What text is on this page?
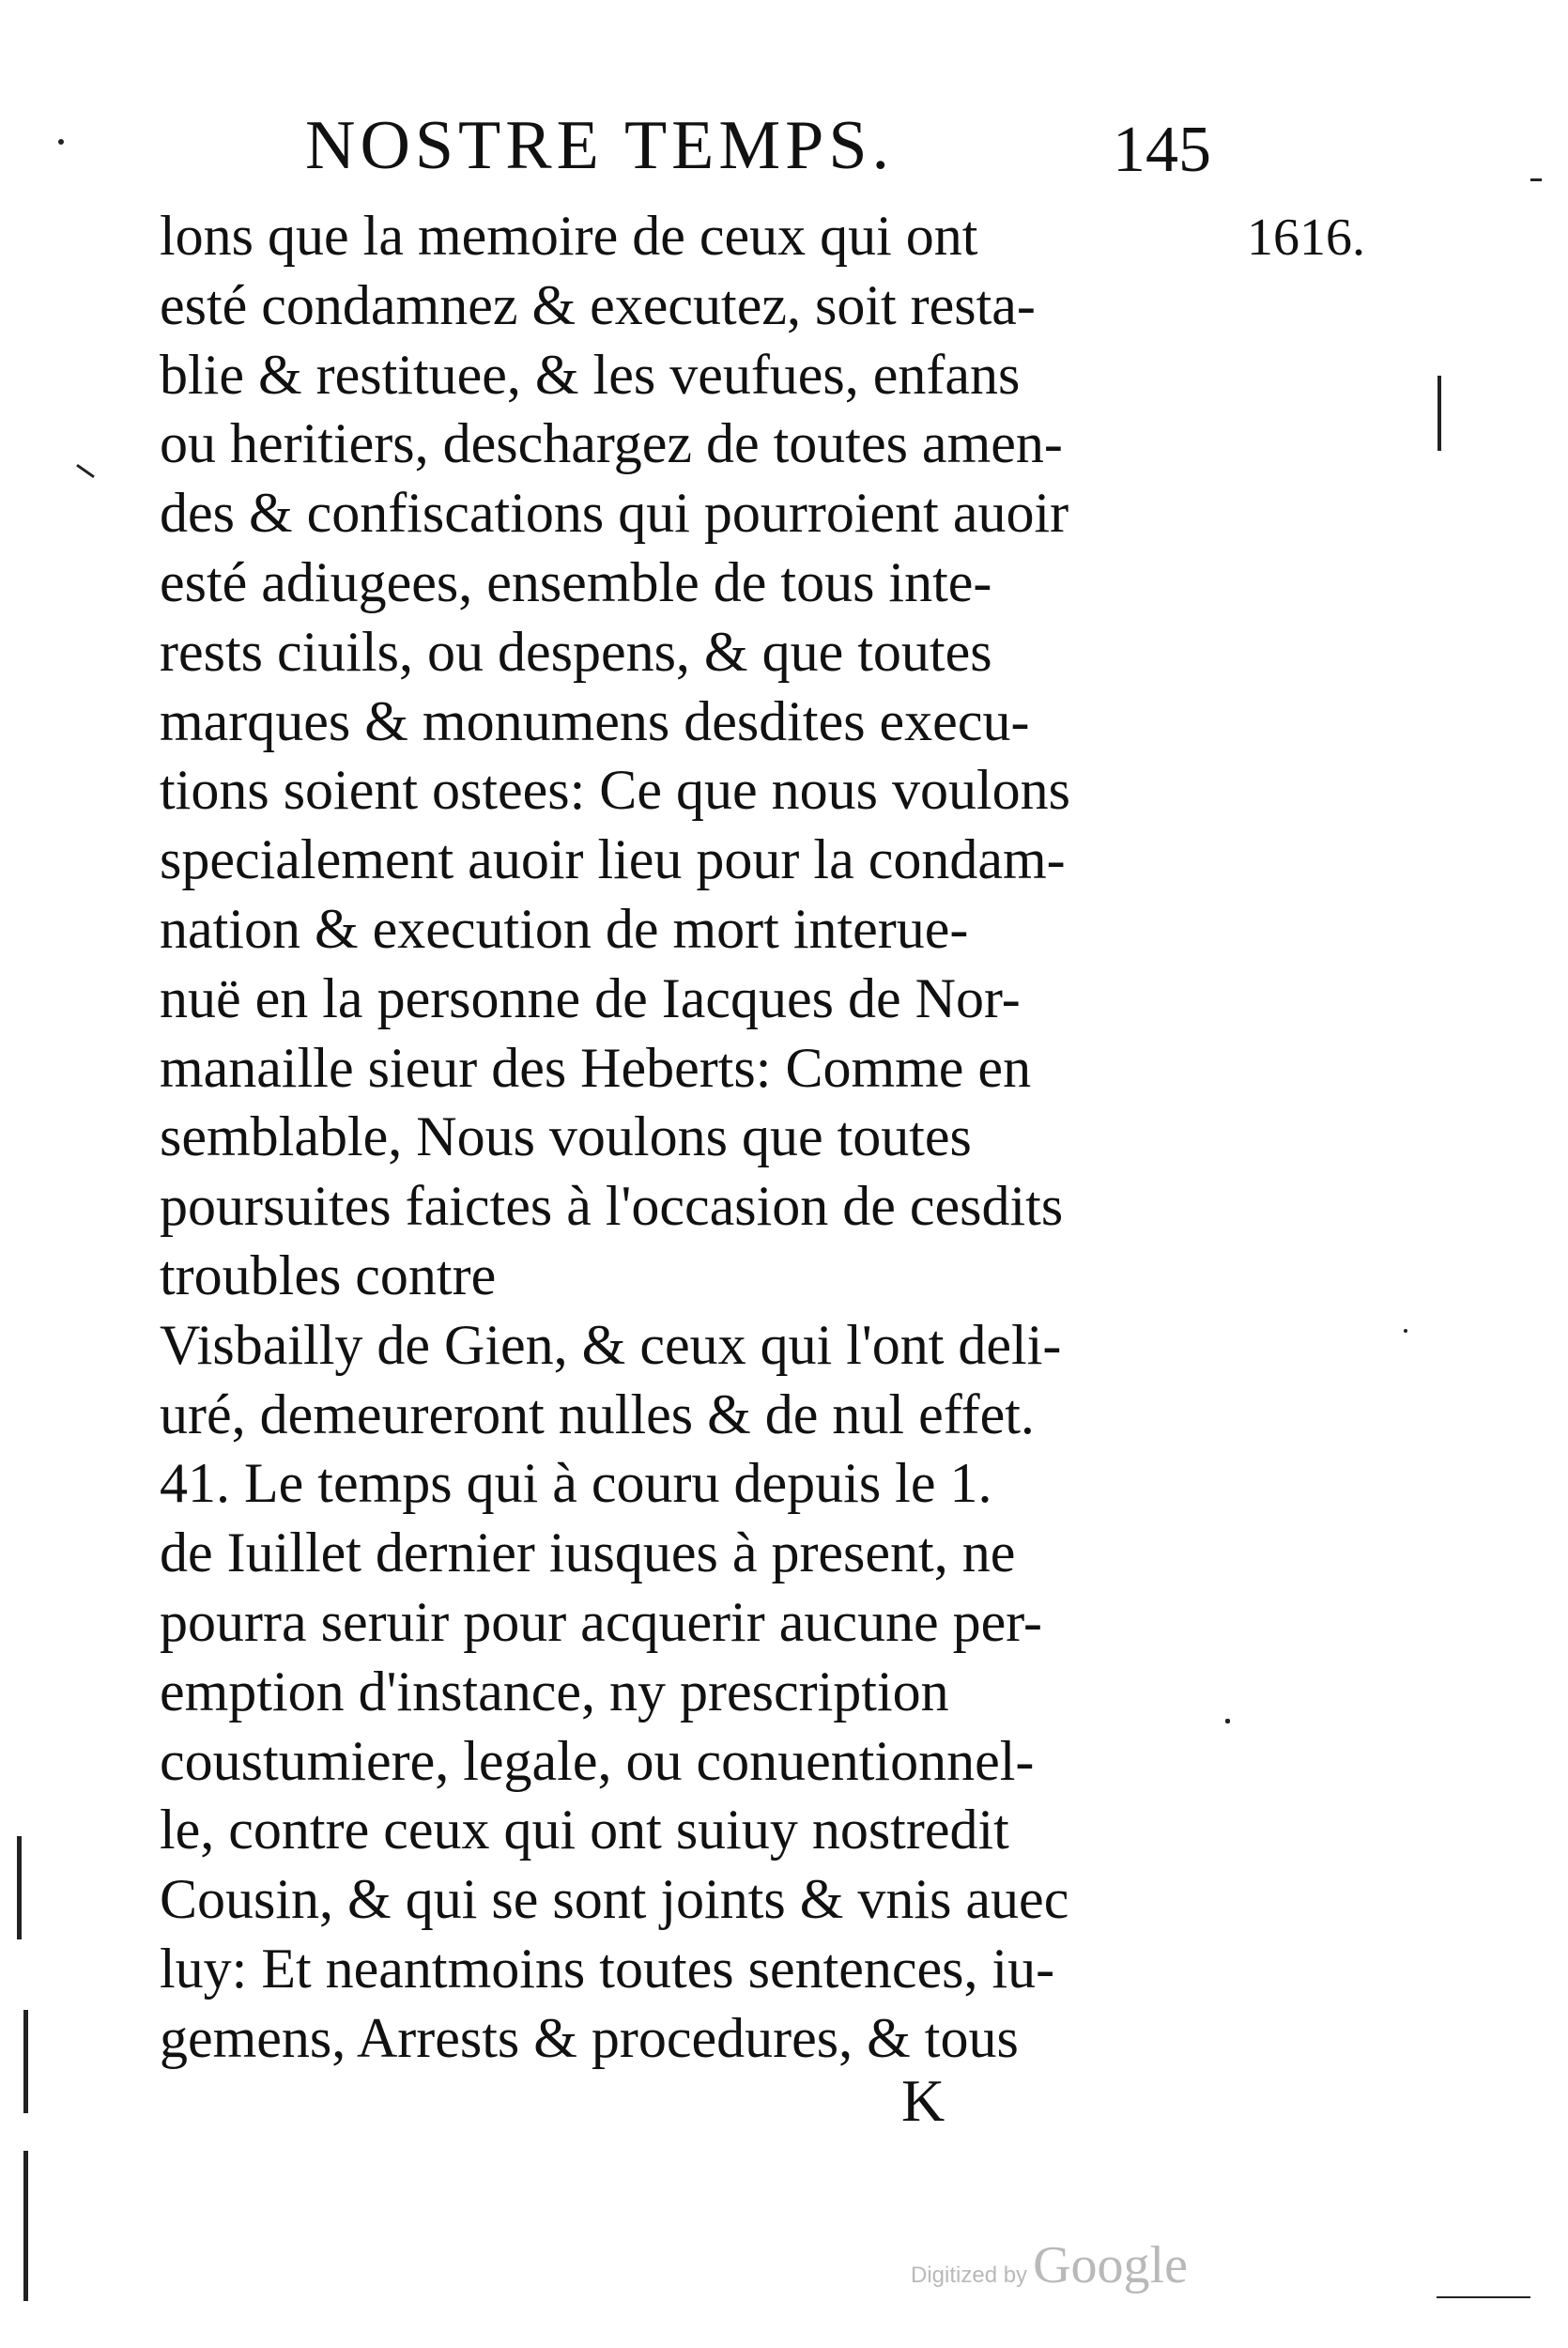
NOSTRE TEMPS.	145
1616.
lons que la memoire de ceux qui ont
esté condamnez & executez, soit resta-
blie & restituee, & les veufues, enfans
ou heritiers, deschargez de toutes amen-
des & confiscations qui pourroient auoir
esté adiugees, ensemble de tous inte-
rests ciuils, ou despens, & que toutes
marques & monumens desdites execu-
tions soient ostees: Ce que nous voulons
specialement auoir lieu pour la condam-
nation & execution de mort interue-
nuë en la personne de Iacques de Nor-
manaille sieur des Heberts: Comme en
semblable, Nous voulons que toutes
poursuites faictes à l'occasion de cesdits
troubles contre
Visbailly de Gien, & ceux qui l'ont deli-
uré, demeureront nulles & de nul effet.
41. Le temps qui à couru depuis le 1.
de Iuillet dernier iusques à present, ne
pourra seruir pour acquerir aucune per-
emption d'instance, ny prescription
coustumiere, legale, ou conuentionnel-
le, contre ceux qui ont suiuy nostredit
Cousin, & qui se sont joints & vnis auec
luy: Et neantmoins toutes sentences, iu-
gemens, Arrests & procedures, & tous
K
Digitized by Google
